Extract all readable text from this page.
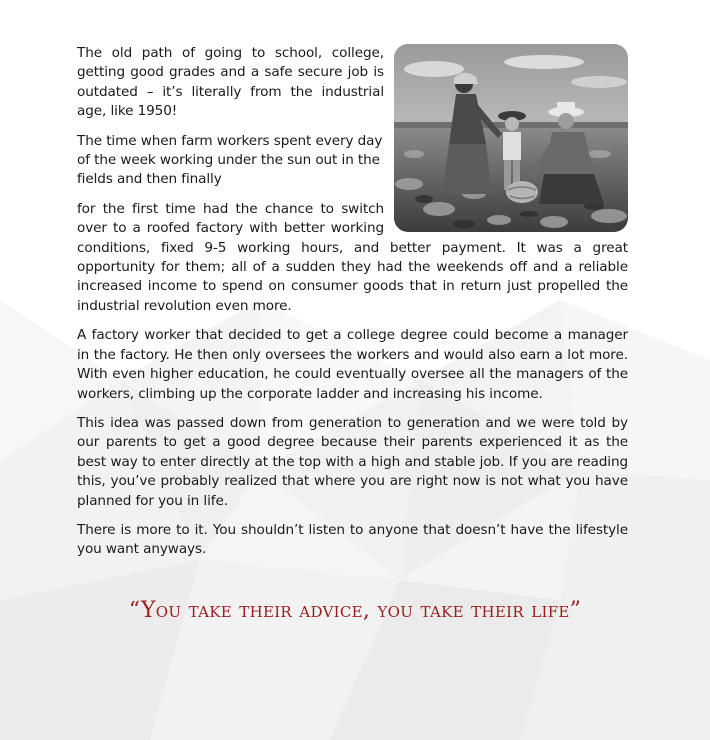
The old path of going to school, college, getting good grades and a safe secure job is outdated – it’s literally from the industrial age, like 1950!

The time when farm workers spent every day of the week working under the sun out in the fields and then finally

for the first time had the chance to switch over to a roofed factory with better working conditions, fixed 9-5 working hours, and better payment. It was a great opportunity for them; all of a sudden they had the weekends off and a reliable increased income to spend on consumer goods that in return just propelled the industrial revolution even more.

A factory worker that decided to get a college degree could become a manager in the factory. He then only oversees the workers and would also earn a lot more. With even higher education, he could eventually oversee all the managers of the workers, climbing up the corporate ladder and increasing his income.

This idea was passed down from generation to generation and we were told by our parents to get a good degree because their parents experienced it as the best way to enter directly at the top with a high and stable job. If you are reading this, you’ve probably realized that where you are right now is not what you have planned for you in life.

There is more to it. You shouldn’t listen to anyone that doesn’t have the lifestyle you want anyways.

“You take their advice, you take their life”
